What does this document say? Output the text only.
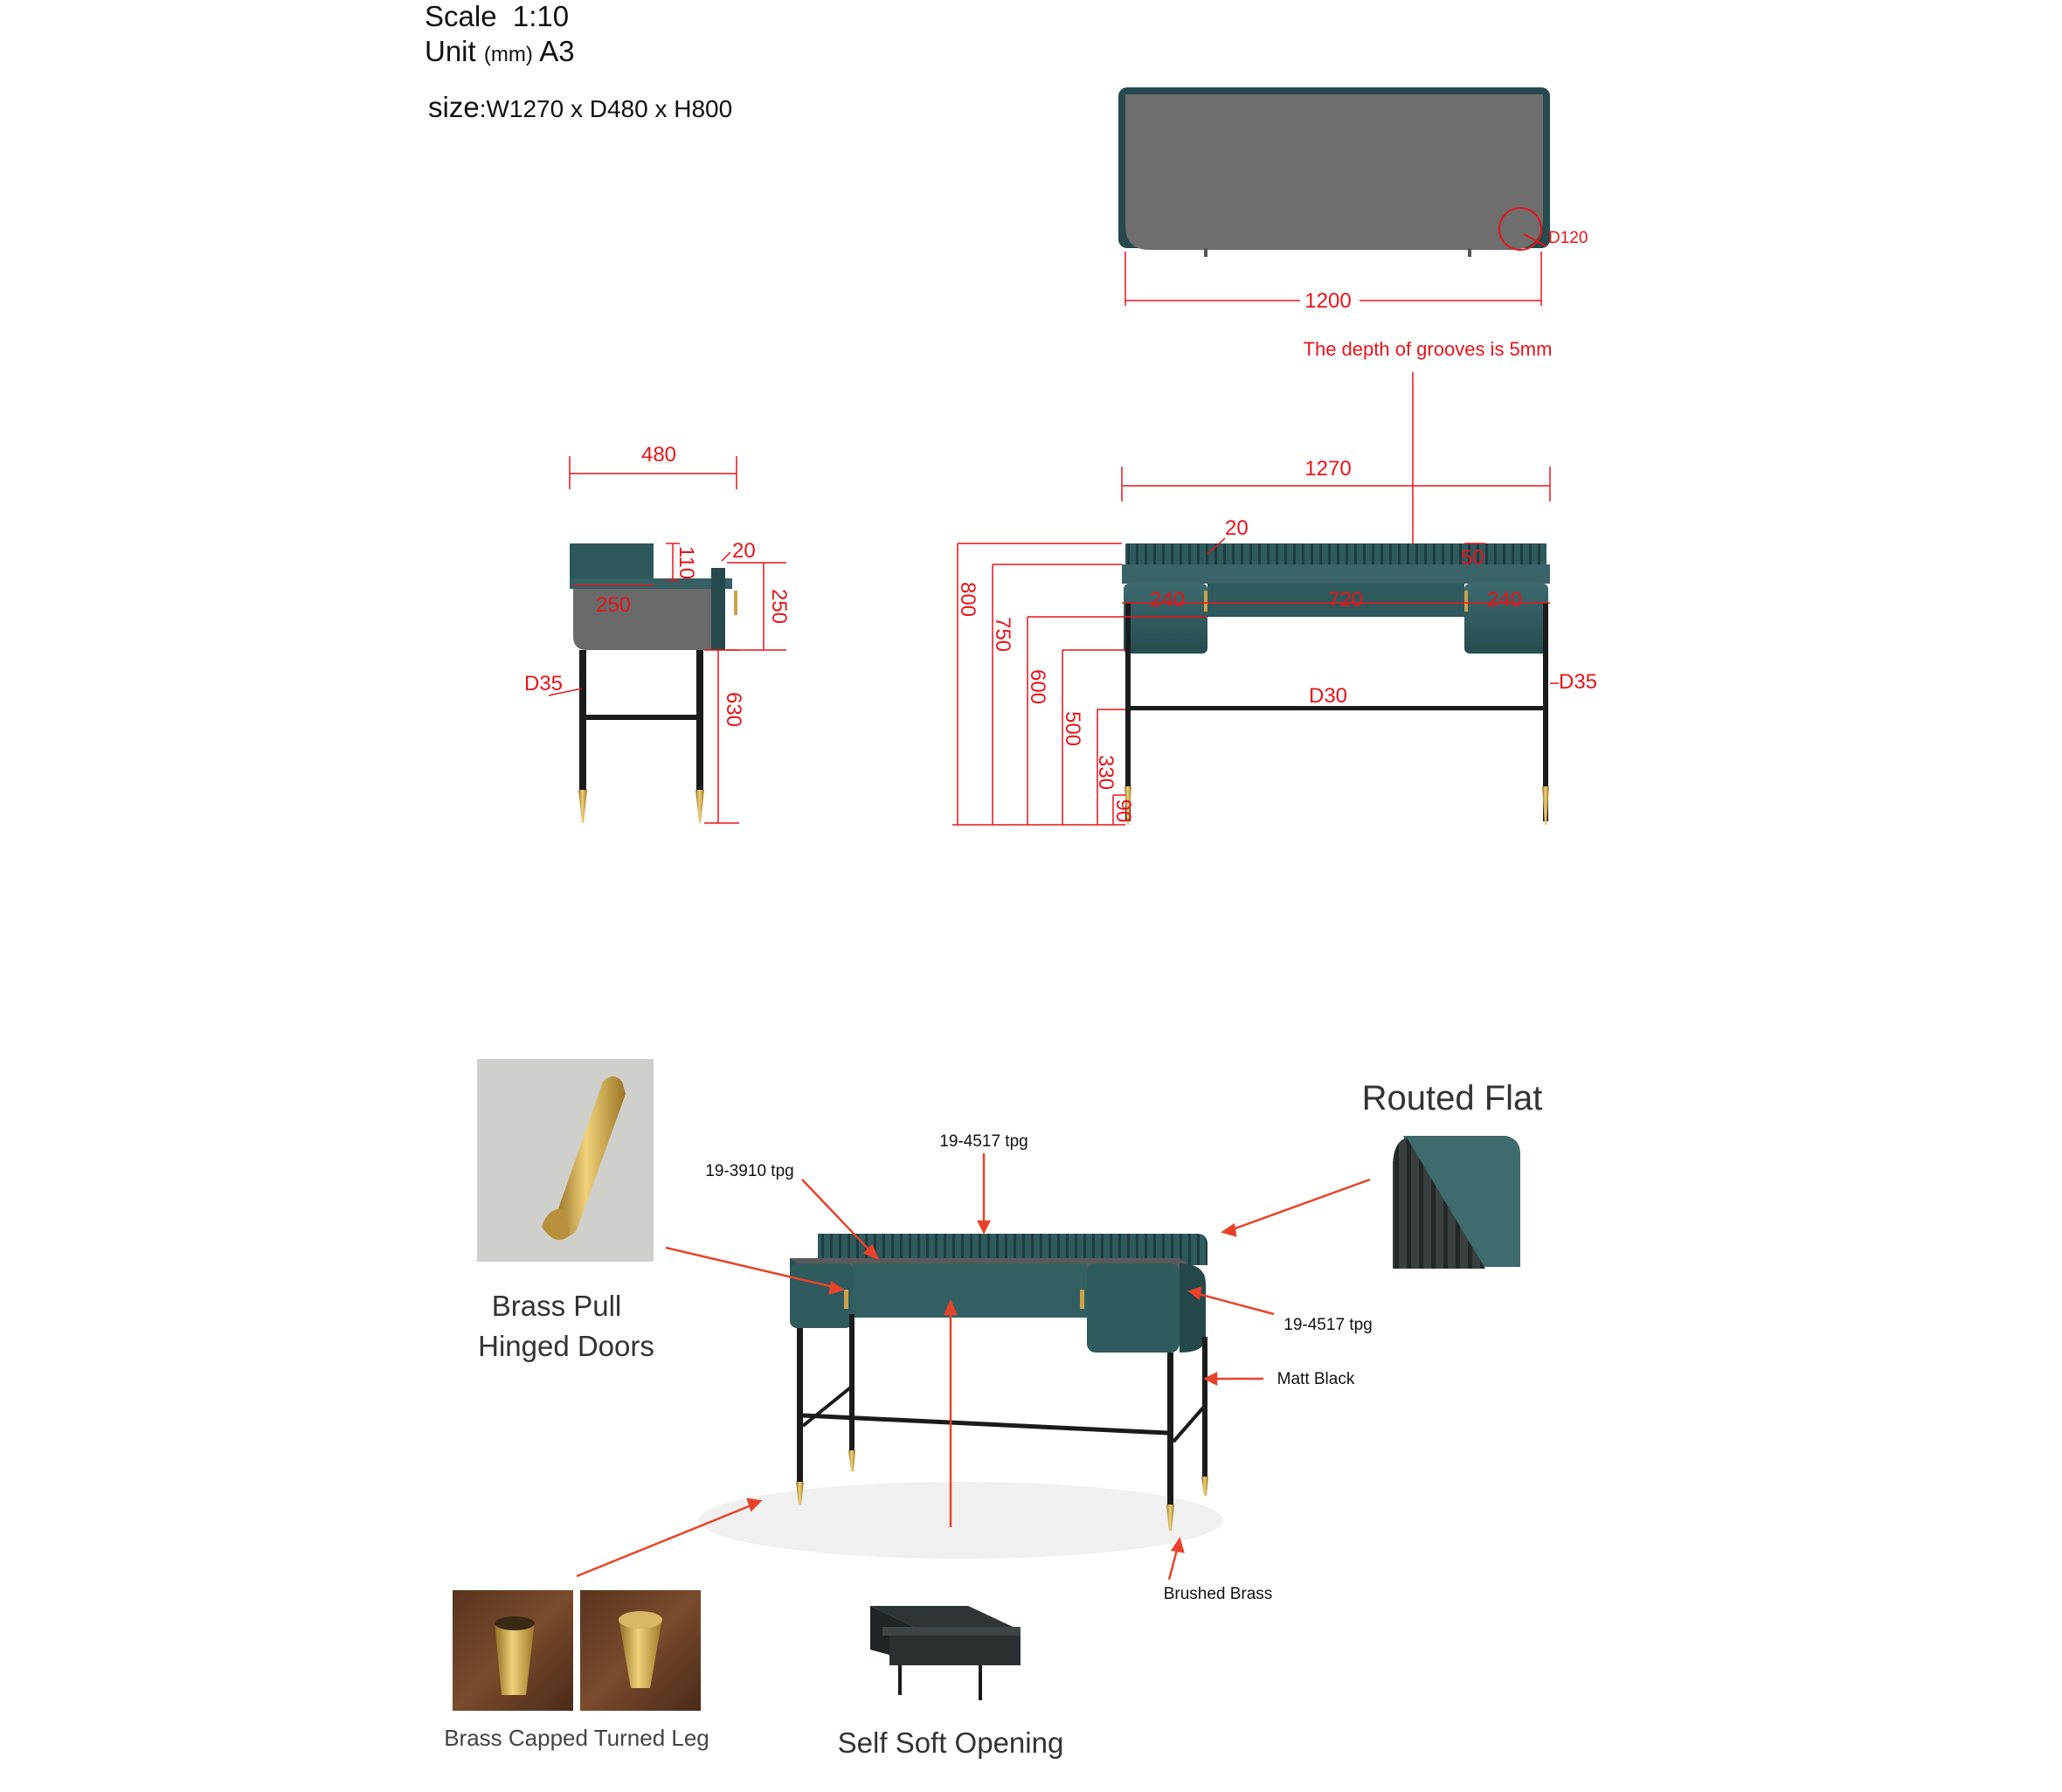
Scale 1:10
Unit (mm) A3
size:W1270 x D480 x H800
D120
1200
The depth of grooves is 5mm
480
20
110
250	250
630
D35
1270
20
50
240	720	240
D35
D30
800
750
600
500
330
90
Brass Pull
Hinged Doors
Routed Flat
19-3910 tpg
19-4517 tpg
19-4517 tpg
Matt Black
Brushed Brass
Brass Capped Turned Leg	Self Soft Opening
